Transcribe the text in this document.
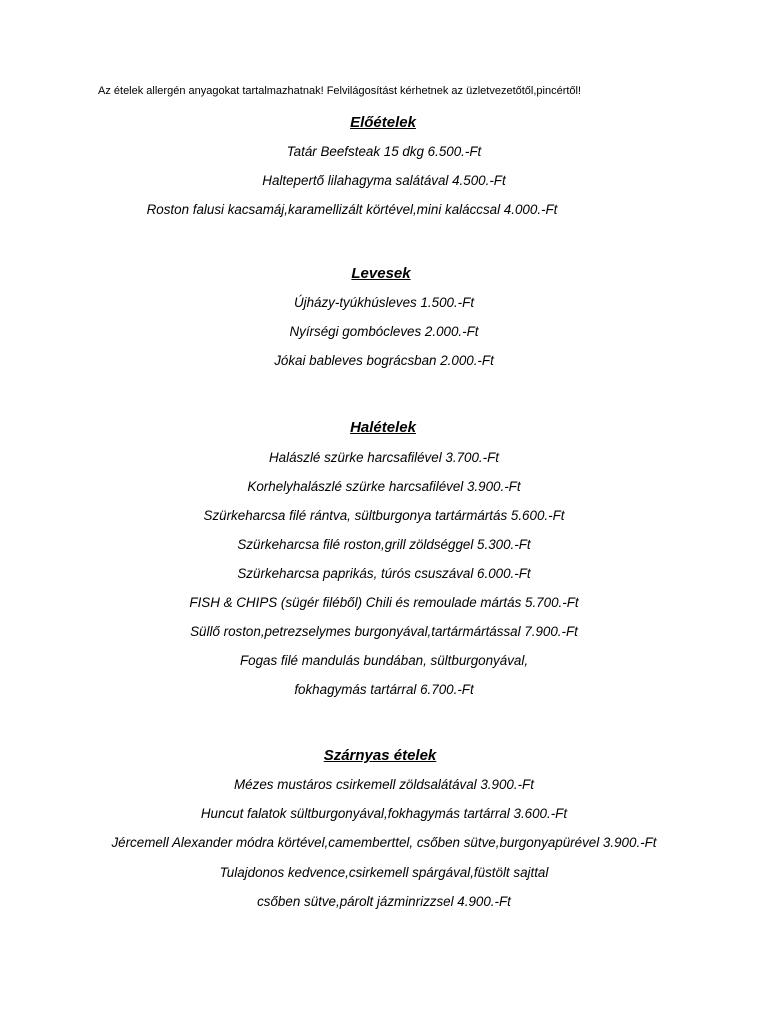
Az ételek allergén anyagokat tartalmazhatnak! Felvilágosítást kérhetnek az üzletvezetőtől,pincértől!
Előételek
Tatár Beefsteak 15 dkg 6.500.-Ft
Haltepertő lilahagyma salátával 4.500.-Ft
Roston falusi kacsamáj,karamellizált körtével,mini kaláccsal 4.000.-Ft
Levesek
Újházy-tyúkhúsleves 1.500.-Ft
Nyírségi gombócleves 2.000.-Ft
Jókai bableves bográcsban 2.000.-Ft
Halételek
Halászlé szürke harcsafilével 3.700.-Ft
Korhelyhalászlé szürke harcsafilével 3.900.-Ft
Szürkeharcsa filé rántva, sültburgonya tartármártás 5.600.-Ft
Szürkeharcsa filé roston,grill zöldséggel 5.300.-Ft
Szürkeharcsa paprikás, túrós csuszával 6.000.-Ft
FISH & CHIPS (sügér filéből) Chili és remoulade mártás 5.700.-Ft
Süllő roston,petrezselymes burgonyával,tartármártással 7.900.-Ft
Fogas filé mandulás bundában, sültburgonyával,
fokhagymás tartárral 6.700.-Ft
Szárnyas ételek
Mézes mustáros csirkemell zöldsalátával 3.900.-Ft
Huncut falatok sültburgonyával,fokhagymás tartárral 3.600.-Ft
Jércemell Alexander módra körtével,camemberttel, csőben sütve,burgonyapürével 3.900.-Ft
Tulajdonos kedvence,csirkemell spárgával,füstölt sajttal
csőben sütve,párolt jázminrizzsel 4.900.-Ft
